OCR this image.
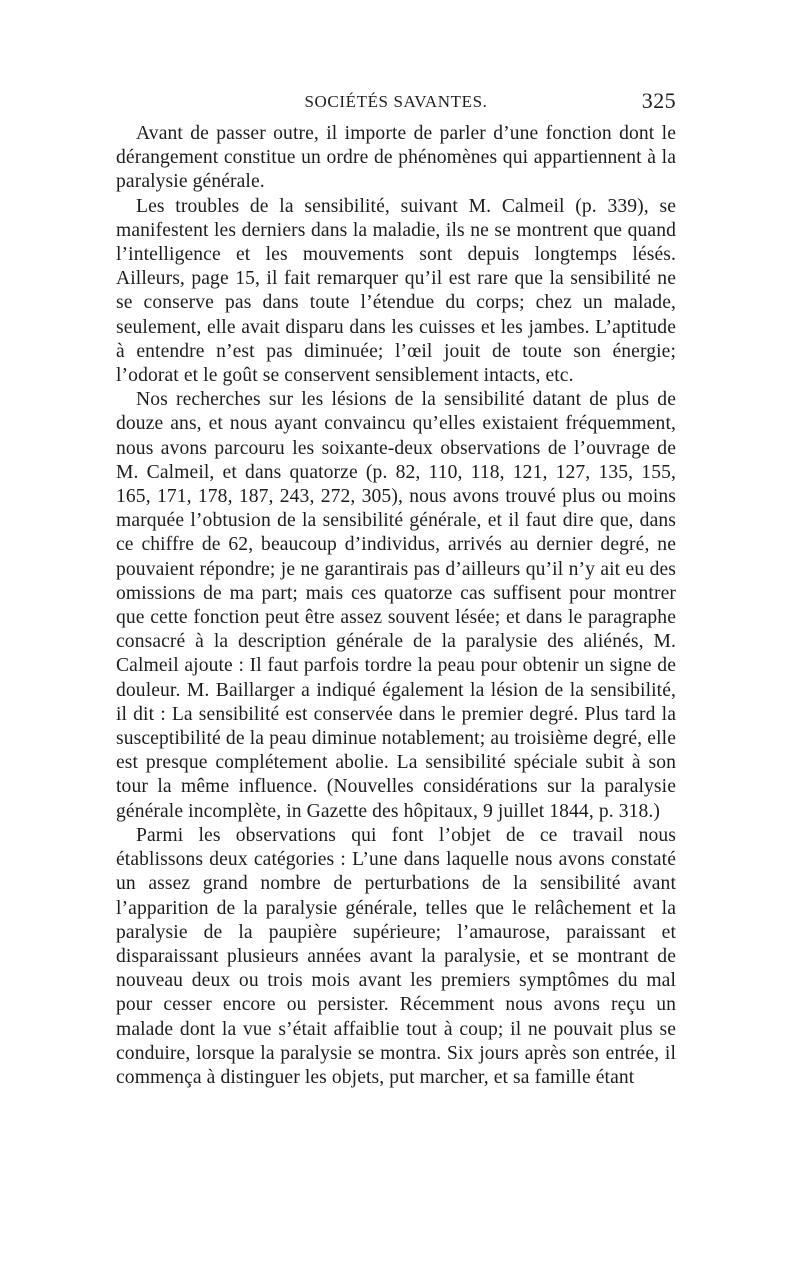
SOCIÉTÉS SAVANTES.	325

Avant de passer outre, il importe de parler d’une fonction dont le dérangement constitue un ordre de phénomènes qui appartiennent à la paralysie générale.

Les troubles de la sensibilité, suivant M. Calmeil (p. 339), se manifestent les derniers dans la maladie, ils ne se montrent que quand l’intelligence et les mouvements sont depuis longtemps lésés. Ailleurs, page 15, il fait remarquer qu’il est rare que la sensibilité ne se conserve pas dans toute l’étendue du corps; chez un malade, seulement, elle avait disparu dans les cuisses et les jambes. L’aptitude à entendre n’est pas diminuée; l’œil jouit de toute son énergie; l’odorat et le goût se conservent sensiblement intacts, etc.

Nos recherches sur les lésions de la sensibilité datant de plus de douze ans, et nous ayant convaincu qu’elles existaient fréquemment, nous avons parcouru les soixante-deux observations de l’ouvrage de M. Calmeil, et dans quatorze (p. 82, 110, 118, 121, 127, 135, 155, 165, 171, 178, 187, 243, 272, 305), nous avons trouvé plus ou moins marquée l’obtusion de la sensibilité générale, et il faut dire que, dans ce chiffre de 62, beaucoup d’individus, arrivés au dernier degré, ne pouvaient répondre; je ne garantirais pas d’ailleurs qu’il n’y ait eu des omissions de ma part; mais ces quatorze cas suffisent pour montrer que cette fonction peut être assez souvent lésée; et dans le paragraphe consacré à la description générale de la paralysie des aliénés, M. Calmeil ajoute : Il faut parfois tordre la peau pour obtenir un signe de douleur. M. Baillarger a indiqué également la lésion de la sensibilité, il dit : La sensibilité est conservée dans le premier degré. Plus tard la susceptibilité de la peau diminue notablement; au troisième degré, elle est presque complétement abolie. La sensibilité spéciale subit à son tour la même influence. (Nouvelles considérations sur la paralysie générale incomplète, in Gazette des hôpitaux, 9 juillet 1844, p. 318.)

Parmi les observations qui font l’objet de ce travail nous établissons deux catégories : L’une dans laquelle nous avons constaté un assez grand nombre de perturbations de la sensibilité avant l’apparition de la paralysie générale, telles que le relâchement et la paralysie de la paupière supérieure; l’amaurose, paraissant et disparaissant plusieurs années avant la paralysie, et se montrant de nouveau deux ou trois mois avant les premiers symptômes du mal pour cesser encore ou persister. Récemment nous avons reçu un malade dont la vue s’était affaiblie tout à coup; il ne pouvait plus se conduire, lorsque la paralysie se montra. Six jours après son entrée, il commença à distinguer les objets, put marcher, et sa famille étant
